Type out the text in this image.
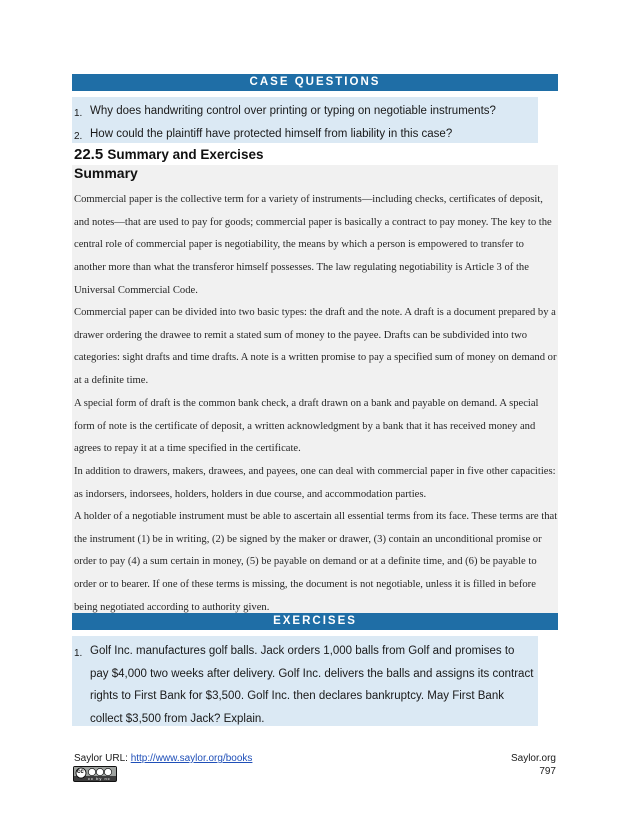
CASE QUESTIONS
1. Why does handwriting control over printing or typing on negotiable instruments?
2. How could the plaintiff have protected himself from liability in this case?
22.5 Summary and Exercises
Summary

Commercial paper is the collective term for a variety of instruments—including checks, certificates of deposit, and notes—that are used to pay for goods; commercial paper is basically a contract to pay money. The key to the central role of commercial paper is negotiability, the means by which a person is empowered to transfer to another more than what the transferor himself possesses. The law regulating negotiability is Article 3 of the Universal Commercial Code.

Commercial paper can be divided into two basic types: the draft and the note. A draft is a document prepared by a drawer ordering the drawee to remit a stated sum of money to the payee. Drafts can be subdivided into two categories: sight drafts and time drafts. A note is a written promise to pay a specified sum of money on demand or at a definite time.

A special form of draft is the common bank check, a draft drawn on a bank and payable on demand. A special form of note is the certificate of deposit, a written acknowledgment by a bank that it has received money and agrees to repay it at a time specified in the certificate.

In addition to drawers, makers, drawees, and payees, one can deal with commercial paper in five other capacities: as indorsers, indorsees, holders, holders in due course, and accommodation parties.

A holder of a negotiable instrument must be able to ascertain all essential terms from its face. These terms are that the instrument (1) be in writing, (2) be signed by the maker or drawer, (3) contain an unconditional promise or order to pay (4) a sum certain in money, (5) be payable on demand or at a definite time, and (6) be payable to order or to bearer. If one of these terms is missing, the document is not negotiable, unless it is filled in before being negotiated according to authority given.

EXERCISES
1. Golf Inc. manufactures golf balls. Jack orders 1,000 balls from Golf and promises to pay $4,000 two weeks after delivery. Golf Inc. delivers the balls and assigns its contract rights to First Bank for $3,500. Golf Inc. then declares bankruptcy. May First Bank collect $3,500 from Jack? Explain.
Saylor URL: http://www.saylor.org/books
cc
cc by nc sa
Saylor.org
797
